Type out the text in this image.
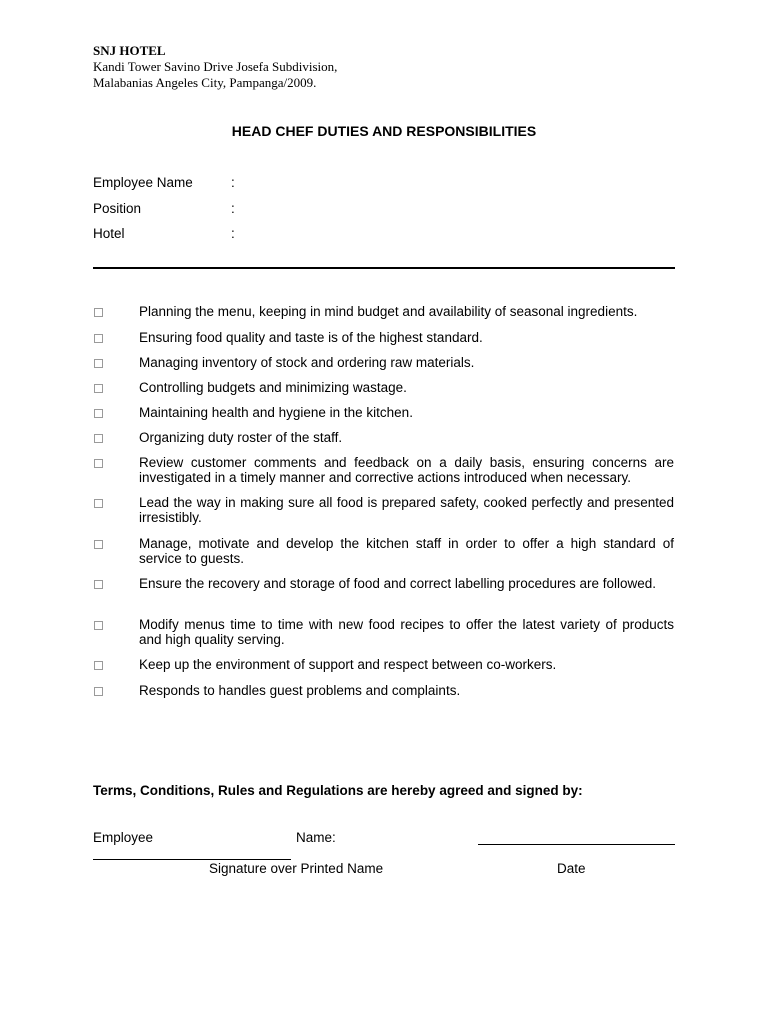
SNJ HOTEL
Kandi Tower Savino Drive Josefa Subdivision,
Malabanias Angeles City, Pampanga/2009.
HEAD CHEF DUTIES AND RESPONSIBILITIES
Employee Name	:
Position	:
Hotel	:
Planning the menu, keeping in mind budget and availability of seasonal ingredients.
Ensuring food quality and taste is of the highest standard.
Managing inventory of stock and ordering raw materials.
Controlling budgets and minimizing wastage.
Maintaining health and hygiene in the kitchen.
Organizing duty roster of the staff.
Review customer comments and feedback on a daily basis, ensuring concerns are investigated in a timely manner and corrective actions introduced when necessary.
Lead the way in making sure all food is prepared safety, cooked perfectly and presented irresistibly.
Manage, motivate and develop the kitchen staff in order to offer a high standard of service to guests.
Ensure the recovery and storage of food and correct labelling procedures are followed.
Modify menus time to time with new food recipes to offer the latest variety of products and high quality serving.
Keep up the environment of support and respect between co-workers.
Responds to handles guest problems and complaints.
Terms, Conditions, Rules and Regulations are hereby agreed and signed by:
Employee	Name:
Signature over Printed Name	Date
